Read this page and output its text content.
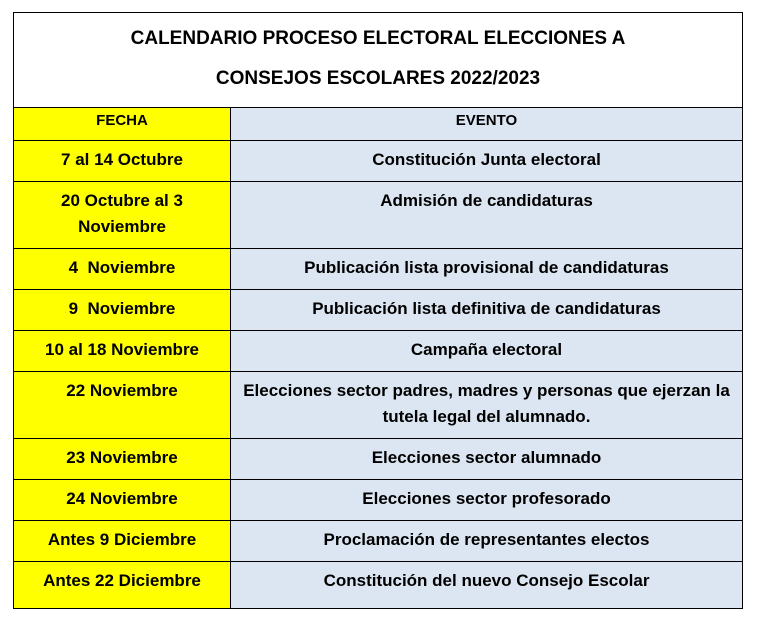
CALENDARIO PROCESO ELECTORAL ELECCIONES A
CONSEJOS ESCOLARES 2022/2023	

FECHA	EVENTO
7 al 14 Octubre	Constitución Junta electoral
20 Octubre al 3 Noviembre	Admisión de candidaturas
4  Noviembre	Publicación lista provisional de candidaturas
9  Noviembre	Publicación lista definitiva de candidaturas
10 al 18 Noviembre	Campaña electoral
22 Noviembre	Elecciones sector padres, madres y personas que ejerzan la tutela legal del alumnado.
23 Noviembre	Elecciones sector alumnado
24 Noviembre	Elecciones sector profesorado
Antes 9 Diciembre	Proclamación de representantes electos
Antes 22 Diciembre	Constitución del nuevo Consejo Escolar
